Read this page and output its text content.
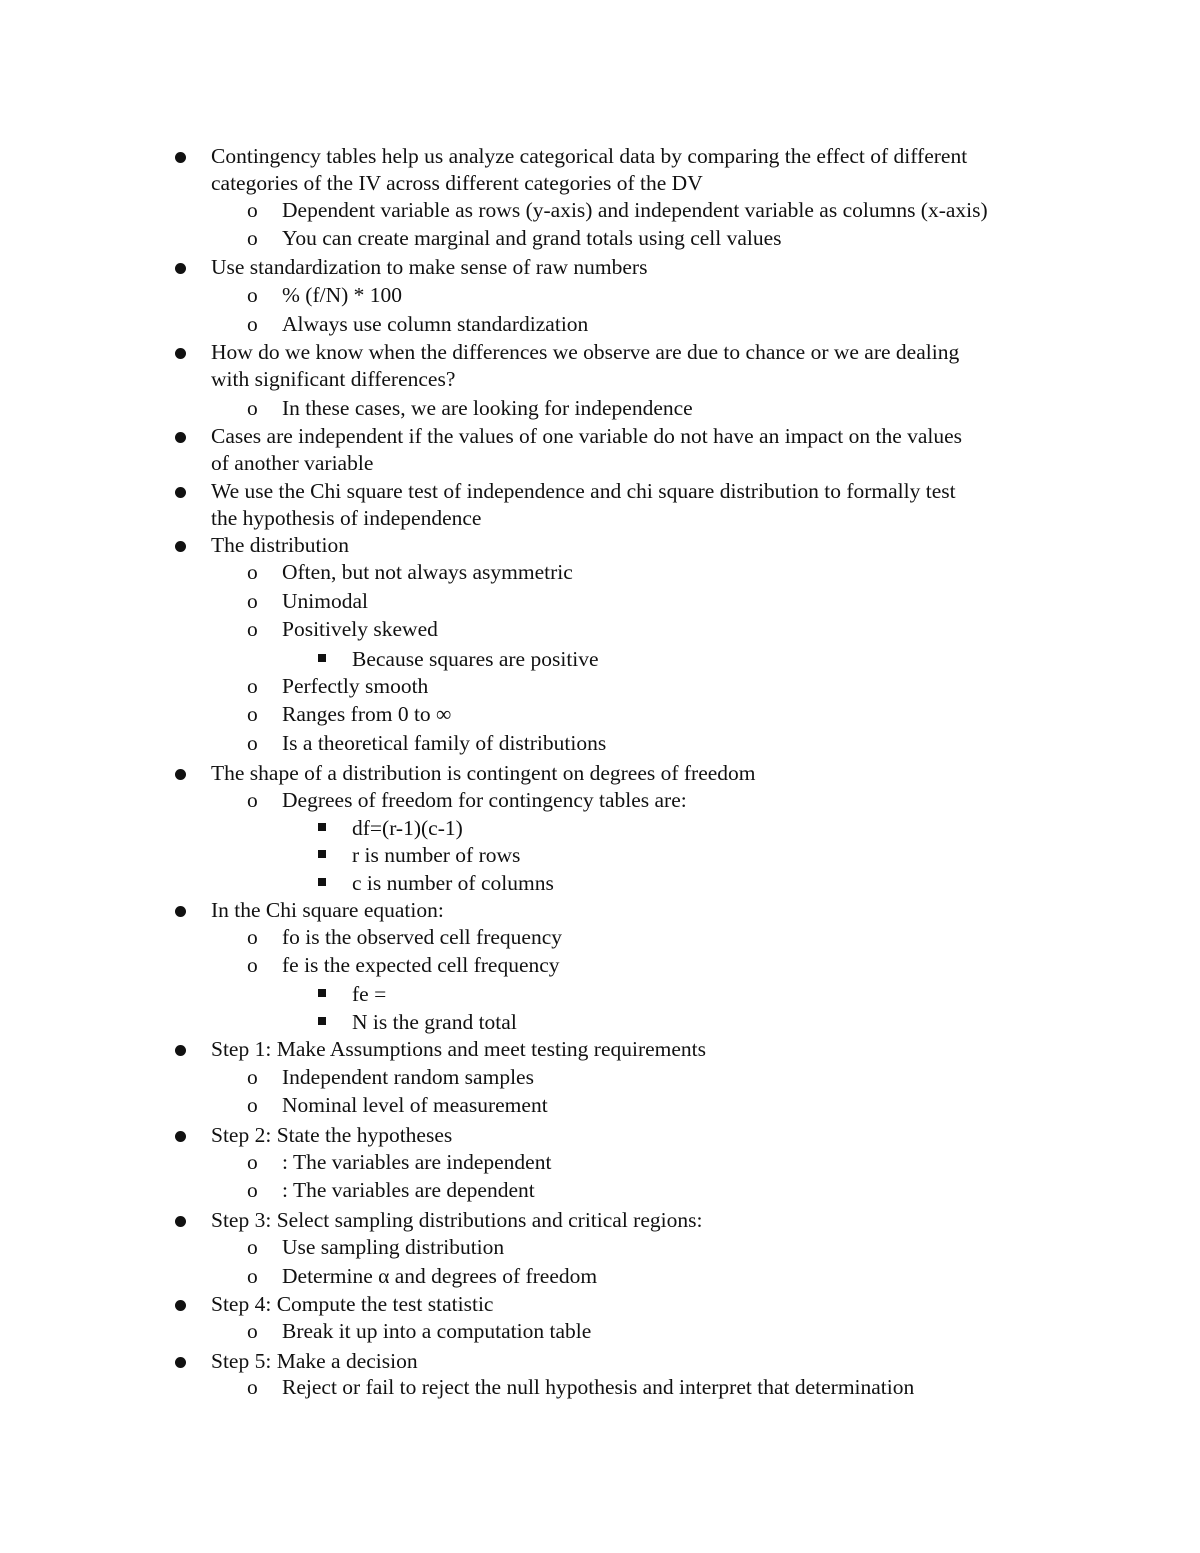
Contingency tables help us analyze categorical data by comparing the effect of different
categories of the IV across different categories of the DV
o Dependent variable as rows (y-axis) and independent variable as columns (x-axis)
o You can create marginal and grand totals using cell values
Use standardization to make sense of raw numbers
o % (f/N) * 100
o Always use column standardization
How do we know when the differences we observe are due to chance or we are dealing
with significant differences?
o In these cases, we are looking for independence
Cases are independent if the values of one variable do not have an impact on the values
of another variable
We use the Chi square test of independence and chi square distribution to formally test
the hypothesis of independence
The distribution
o Often, but not always asymmetric
o Unimodal
o Positively skewed
Because squares are positive
o Perfectly smooth
o Ranges from 0 to ∞
o Is a theoretical family of distributions
The shape of a distribution is contingent on degrees of freedom
o Degrees of freedom for contingency tables are:
df=(r-1)(c-1)
r is number of rows
c is number of columns
In the Chi square equation:
o fo is the observed cell frequency
o fe is the expected cell frequency
fe =
N is the grand total
Step 1: Make Assumptions and meet testing requirements
o Independent random samples
o Nominal level of measurement
Step 2: State the hypotheses
o : The variables are independent
o : The variables are dependent
Step 3: Select sampling distributions and critical regions:
o Use sampling distribution
o Determine α and degrees of freedom
Step 4: Compute the test statistic
o Break it up into a computation table
Step 5: Make a decision
o Reject or fail to reject the null hypothesis and interpret that determination
